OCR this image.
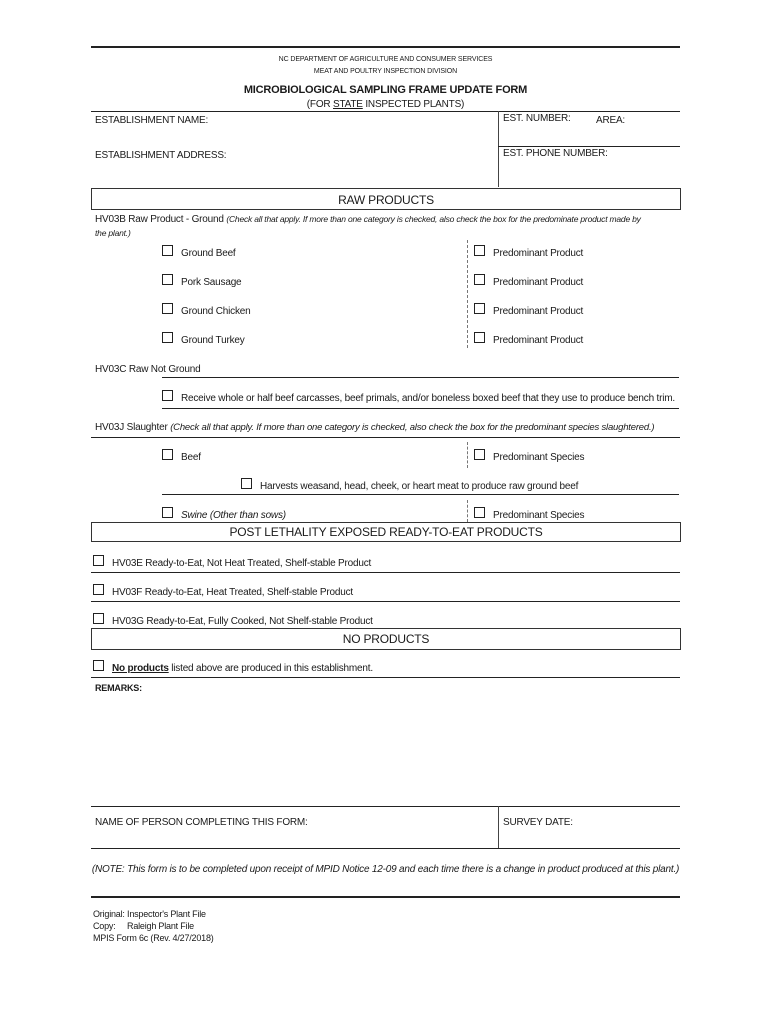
NC DEPARTMENT OF AGRICULTURE AND CONSUMER SERVICES
MEAT AND POULTRY INSPECTION DIVISION
MICROBIOLOGICAL SAMPLING FRAME UPDATE FORM
(FOR STATE INSPECTED PLANTS)
ESTABLISHMENT NAME:	EST. NUMBER:	AREA:
ESTABLISHMENT ADDRESS:	EST. PHONE NUMBER:
RAW PRODUCTS
HV03B Raw Product - Ground (Check all that apply. If more than one category is checked, also check the box for the predominate product made by
the plant.)
Ground Beef	Predominant Product
Pork Sausage	Predominant Product
Ground Chicken	Predominant Product
Ground Turkey	Predominant Product
HV03C Raw Not Ground
Receive whole or half beef carcasses, beef primals, and/or boneless boxed beef that they use to produce bench trim.
HV03J Slaughter (Check all that apply. If more than one category is checked, also check the box for the predominant species slaughtered.)
Beef	Predominant Species
Harvests weasand, head, cheek, or heart meat to produce raw ground beef
Swine (Other than sows)	Predominant Species
POST LETHALITY EXPOSED READY-TO-EAT PRODUCTS
HV03E Ready-to-Eat, Not Heat Treated, Shelf-stable Product
HV03F Ready-to-Eat, Heat Treated, Shelf-stable Product
HV03G Ready-to-Eat, Fully Cooked, Not Shelf-stable Product
NO PRODUCTS
No products listed above are produced in this establishment.
REMARKS:
NAME OF PERSON COMPLETING THIS FORM:	SURVEY DATE:
(NOTE: This form is to be completed upon receipt of MPID Notice 12-09 and each time there is a change in product produced at this plant.)
Original: Inspector's Plant File
Copy:     Raleigh Plant File
MPIS Form 6c (Rev. 4/27/2018)
